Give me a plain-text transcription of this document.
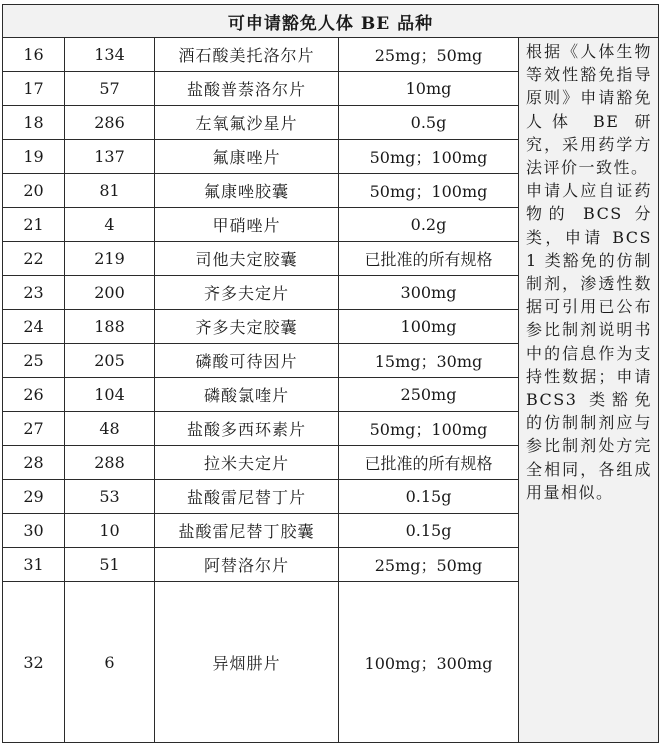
可申请豁免人体 BE 品种				
16	134	酒石酸美托洛尔片	25mg；50mg	根据《人体生物等效性豁免指导原则》申请豁免人体 BE 研究，采用药学方法评价一致性。

申请人应自证药物的 BCS 分类，申请 BCS1 类豁免的仿制制剂，渗透性数据可引用已公布参比制剂说明书中的信息作为支持性数据；申请 BCS3 类豁免的仿制制剂应与参比制剂处方完全相同，各组成用量相似。

17	57	盐酸普萘洛尔片	10mg	
18	286	左氧氟沙星片	0.5g	
19	137	氟康唑片	50mg；100mg	
20	81	氟康唑胶囊	50mg；100mg	
21	4	甲硝唑片	0.2g	
22	219	司他夫定胶囊	已批准的所有规格	
23	200	齐多夫定片	300mg	
24	188	齐多夫定胶囊	100mg	
25	205	磷酸可待因片	15mg；30mg	
26	104	磷酸氯喹片	250mg	
27	48	盐酸多西环素片	50mg；100mg	
28	288	拉米夫定片	已批准的所有规格	
29	53	盐酸雷尼替丁片	0.15g	
30	10	盐酸雷尼替丁胶囊	0.15g	
31	51	阿替洛尔片	25mg；50mg	
32	6	异烟肼片	100mg；300mg	
